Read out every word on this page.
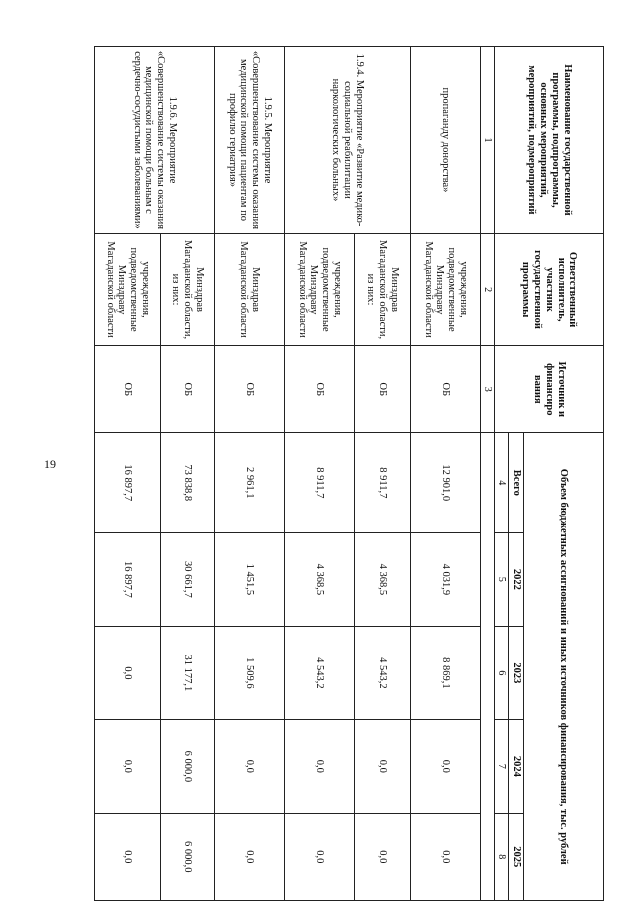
19
Наименование государственной программы, подпрограммы, основных мероприятий, мероприятий, подмероприятий	Ответственный исполнитель, участник государственной программы	Источник и финансиро вания	Объем бюджетных ассигнований и иных источников финансирования, тыс. рублей				
			Всего	2022	2023	2024	2025
			4	5	6	7	8
1	2	3					
пропаганду донорства»	учреждения, подведомственные Минздраву Магаданской области	ОБ	12 901,0	4 031,9	8 869,1	0,0	0,0
1.9.4. Мероприятие «Развитие медико-социальной реабилитации наркологических больных»	Минздрав Магаданской области, из них:	ОБ	8 911,7	4 368,5	4 543,2	0,0	0,0
	учреждения, подведомственные Минздраву Магаданской области	ОБ	8 911,7	4 368,5	4 543,2	0,0	0,0
1.9.5. Мероприятие «Совершенствование системы оказания медицинской помощи пациентам по профилю гериатрия»	Минздрав Магаданской области	ОБ	2 961,1	1 451,5	1 509,6	0,0	0,0
1.9.6. Мероприятие «Совершенствование системы оказания медицинской помощи больным с сердечно-сосудистыми заболеваниями»	Минздрав Магаданской области, из них:	ОБ	73 838,8	30 661,7	31 177,1	6 000,0	6 000,0
	учреждения, подведомственные Минздраву Магаданской области	ОБ	16 897,7	16 897,7	0,0	0,0	0,0
